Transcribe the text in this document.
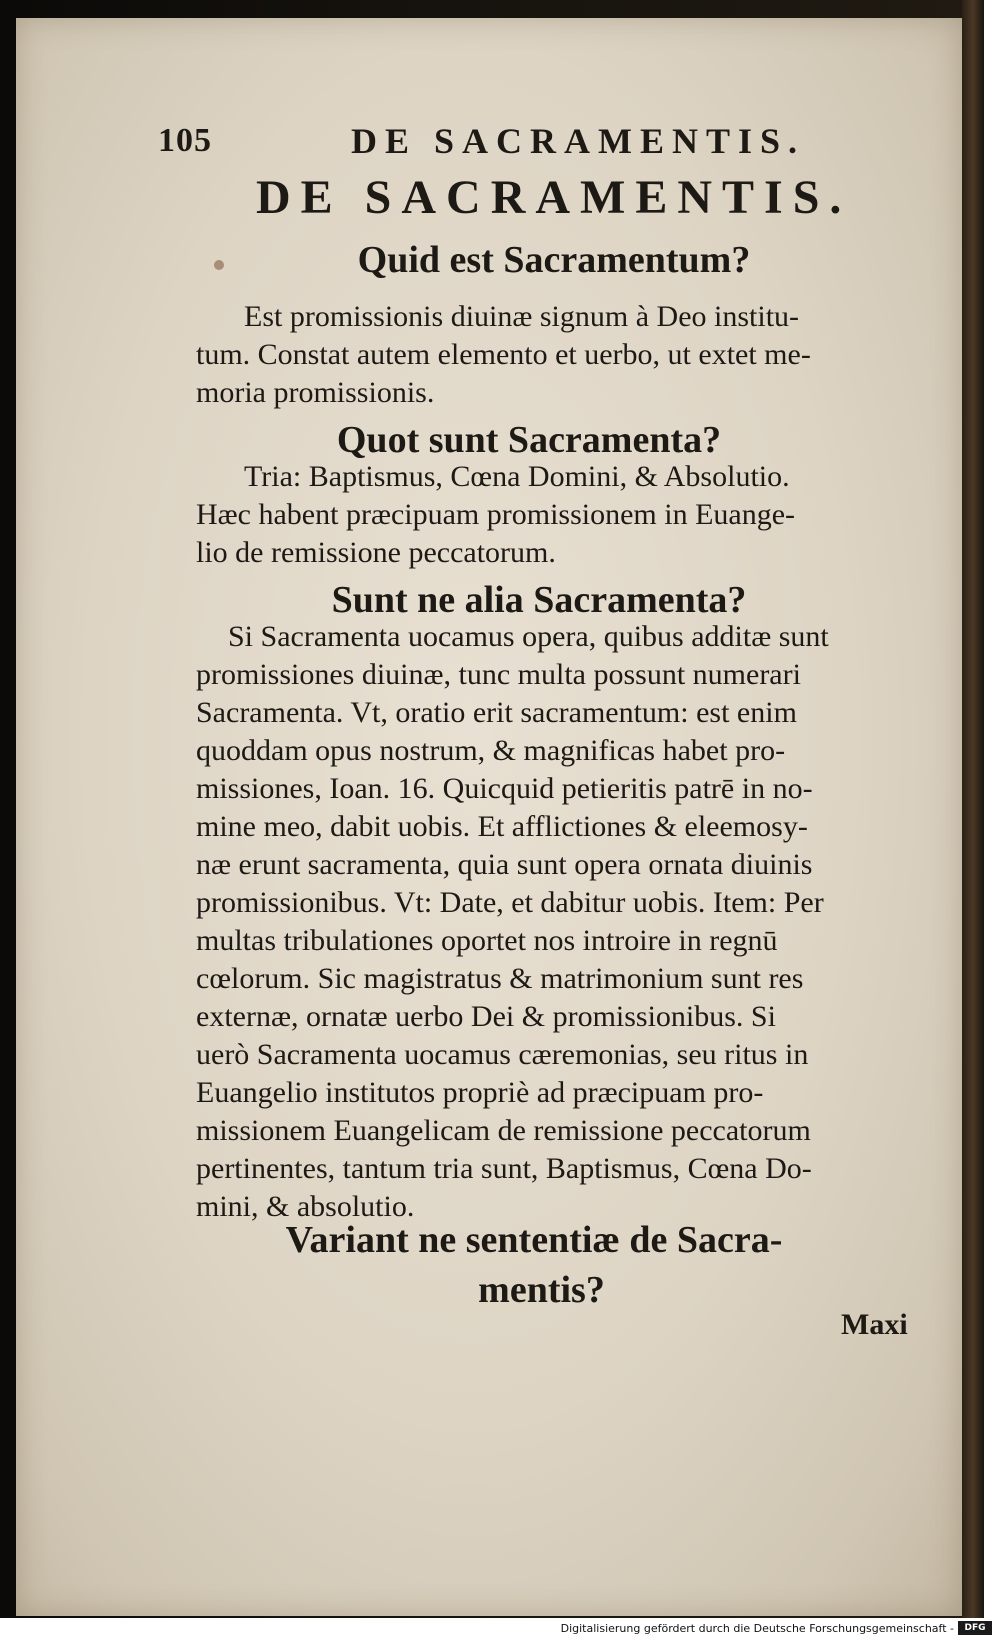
105	DE SACRAMENTIS.
DE SACRAMENTIS.
Quid est Sacramentum?
Est promissionis diuinæ signum à Deo institu-
tum. Constat autem elemento et uerbo, ut extet me-
moria promissionis.
Quot sunt Sacramenta?
Tria: Baptismus, Cœna Domini, & Absolutio.
Hæc habent præcipuam promissionem in Euange-
lio de remissione peccatorum.
Sunt ne alia Sacramenta?
Si Sacramenta uocamus opera, quibus additæ sunt
promissiones diuinæ, tunc multa possunt numerari
Sacramenta. Vt, oratio erit sacramentum: est enim
quoddam opus nostrum, & magnificas habet pro-
missiones, Ioan. 16. Quicquid petieritis patrē in no-
mine meo, dabit uobis. Et afflictiones & eleemosy-
næ erunt sacramenta, quia sunt opera ornata diuinis
promissionibus. Vt: Date, et dabitur uobis. Item: Per
multas tribulationes oportet nos introire in regnū
cœlorum. Sic magistratus & matrimonium sunt res
externæ, ornatæ uerbo Dei & promissionibus. Si
uerò Sacramenta uocamus cæremonias, seu ritus in
Euangelio institutos propriè ad præcipuam pro-
missionem Euangelicam de remissione peccatorum
pertinentes, tantum tria sunt, Baptismus, Cœna Do-
mini, & absolutio.
Variant ne sententiæ de Sacra-
mentis?
Maxi
Digitalisierung gefördert durch die Deutsche Forschungsgemeinschaft -	DFG
